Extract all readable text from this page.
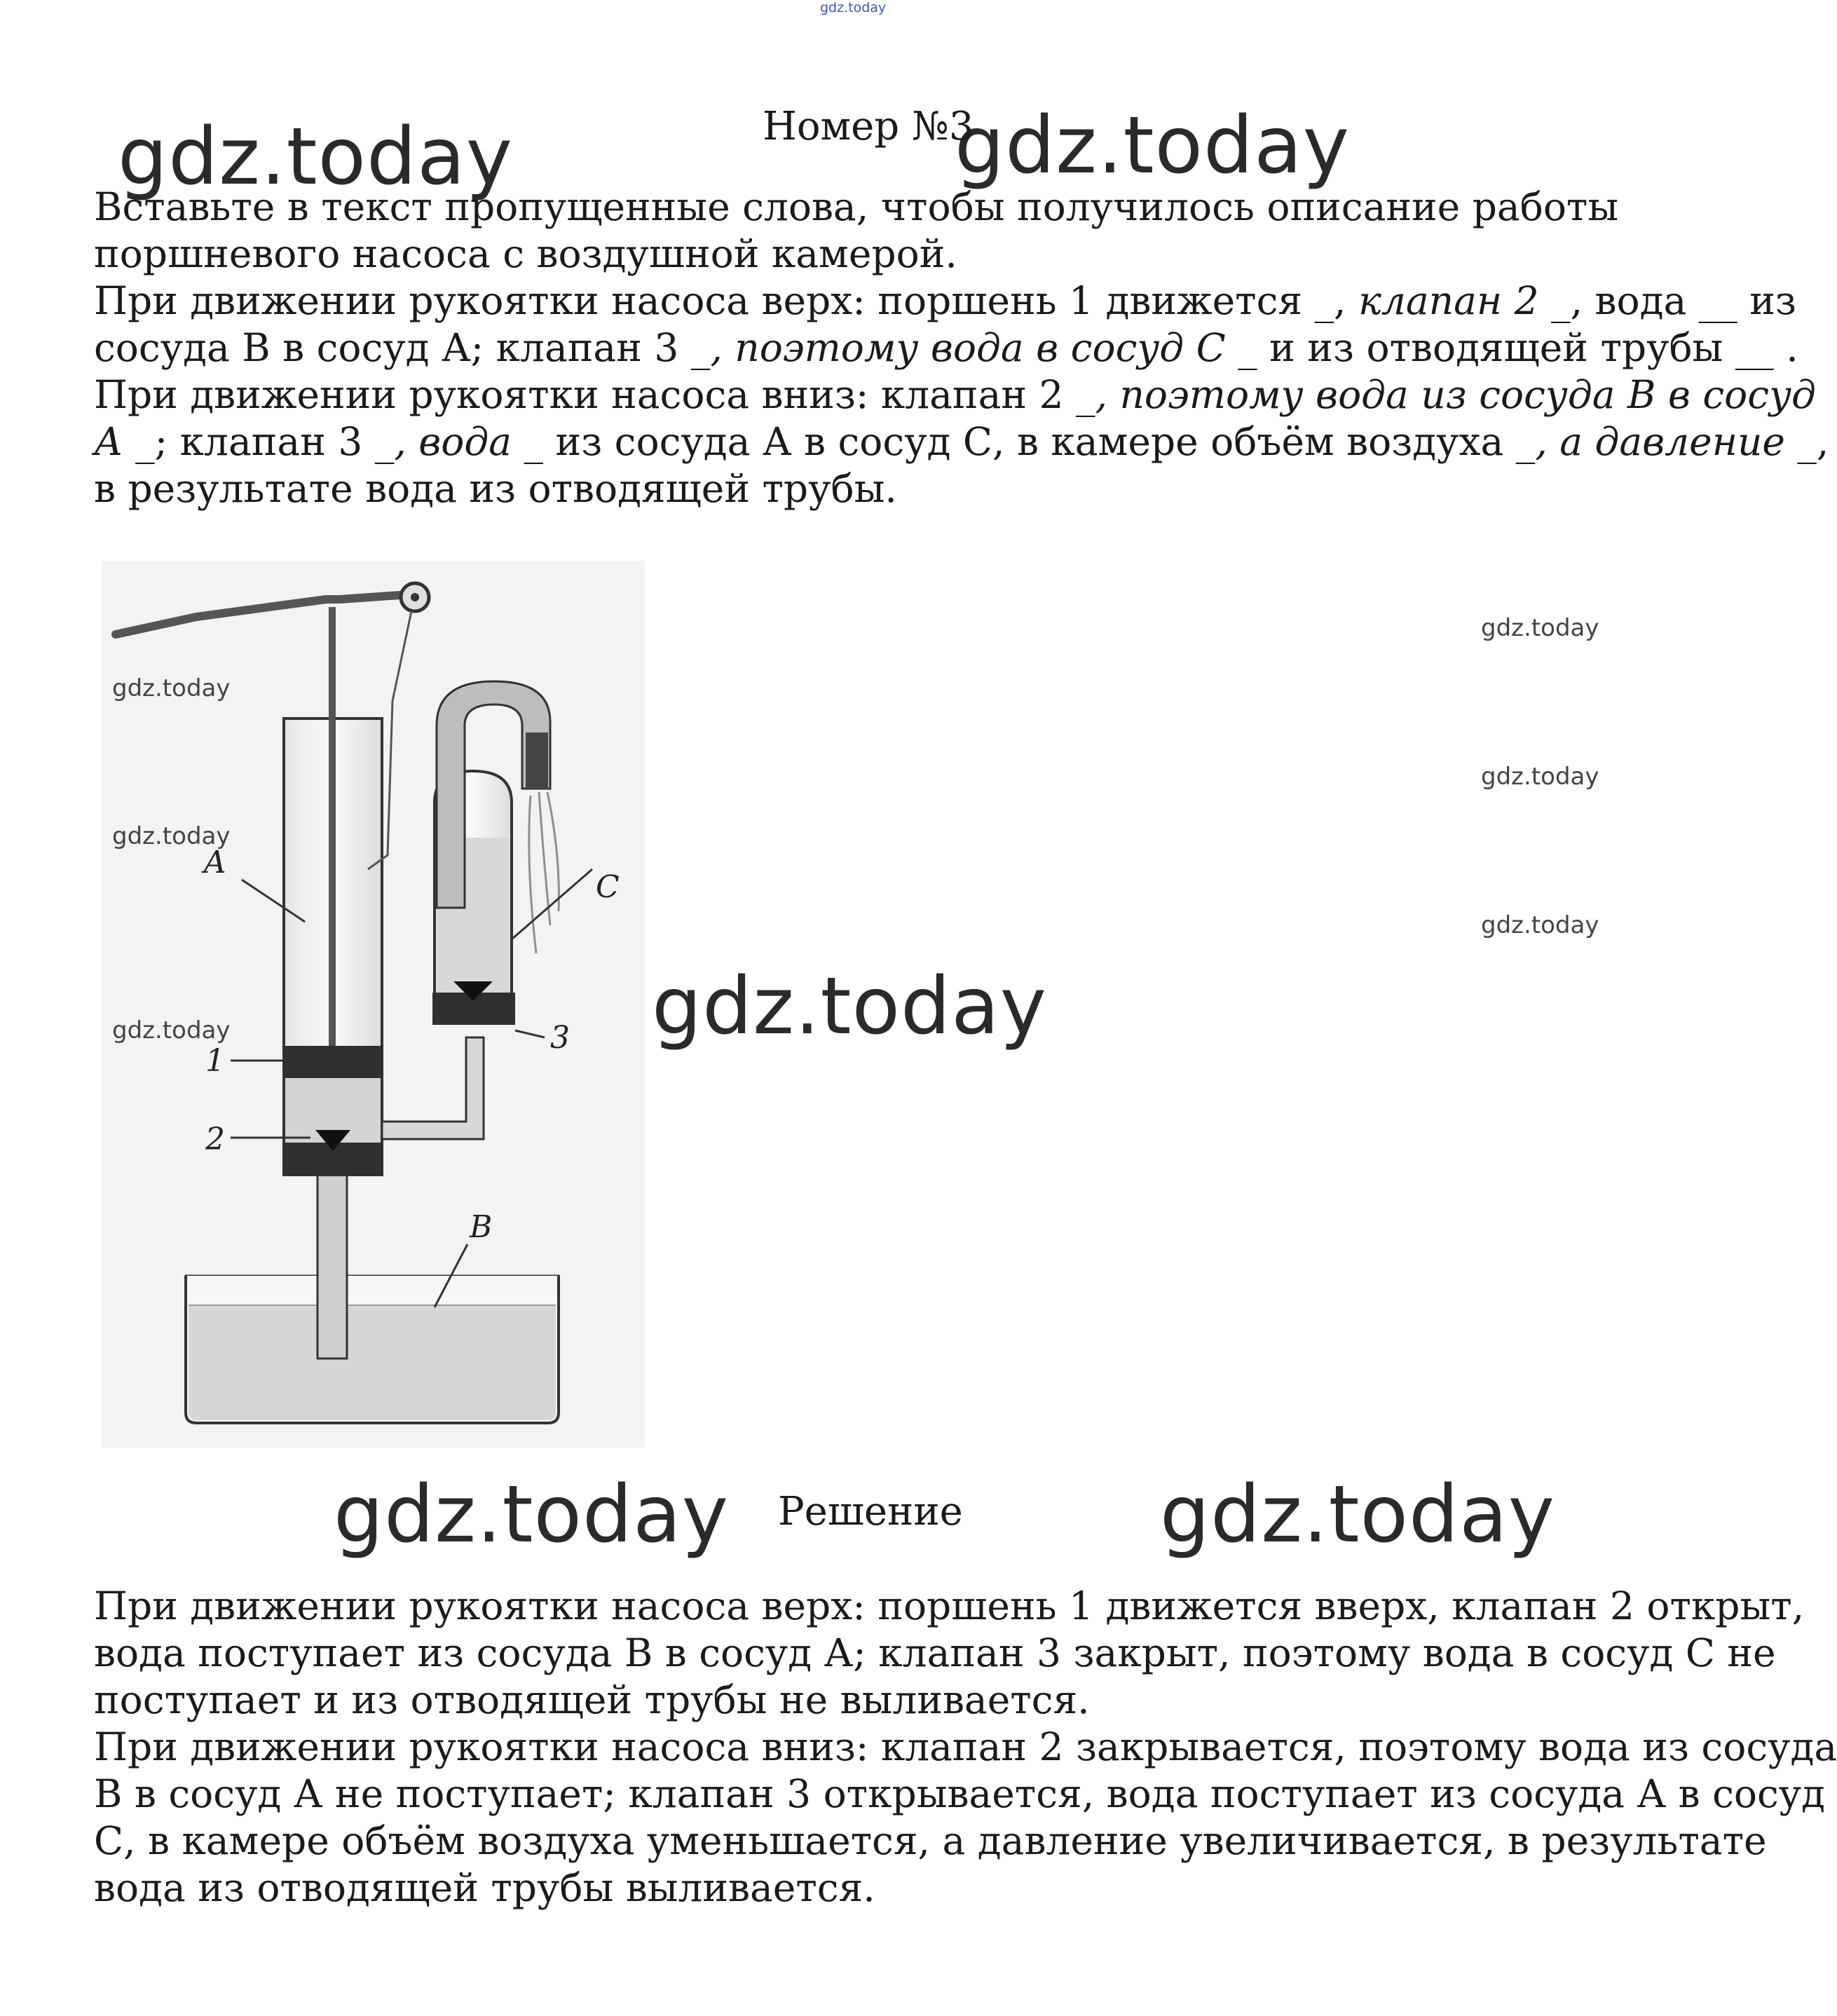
gdz.today
gdz.today	gdz.today
gdz.today
gdz.today	gdz.today
gdz.today
gdz.today
gdz.today
Номер №3
Вставьте в текст пропущенные слова, чтобы получилось описание работы
поршневого насоса с воздушной камерой.
При движении рукоятки насоса верх: поршень 1 движется _, клапан 2 _, вода __ из
сосуда В в сосуд А; клапан 3 _, поэтому вода в сосуд С _ и из отводящей трубы __ .
При движении рукоятки насоса вниз: клапан 2 _, поэтому вода из сосуда В в сосуд
А _; клапан 3 _, вода _ из сосуда А в сосуд С, в камере объём воздуха _, а давление _,
в результате вода из отводящей трубы.
А
С
В
1
2
3
gdz.today
gdz.today
gdz.today
Решение
При движении рукоятки насоса верх: поршень 1 движется вверх, клапан 2 открыт,
вода поступает из сосуда В в сосуд А; клапан 3 закрыт, поэтому вода в сосуд С не
поступает и из отводящей трубы не выливается.
При движении рукоятки насоса вниз: клапан 2 закрывается, поэтому вода из сосуда
В в сосуд А не поступает; клапан 3 открывается, вода поступает из сосуда А в сосуд
С, в камере объём воздуха уменьшается, а давление увеличивается, в результате
вода из отводящей трубы выливается.
